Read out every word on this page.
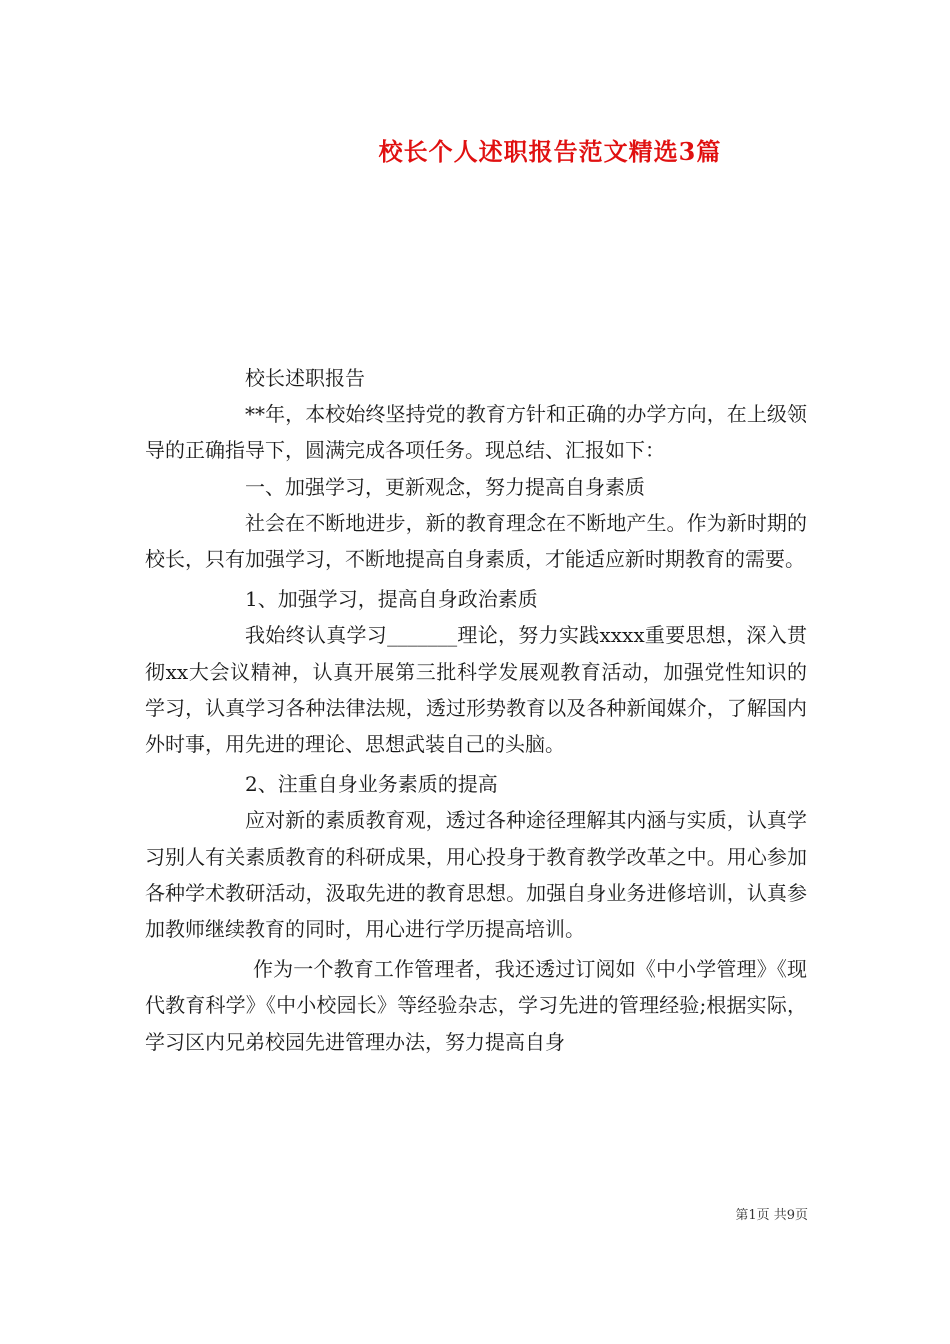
校长个人述职报告范文精选3篇

校长述职报告

**年，本校始终坚持党的教育方针和正确的办学方向，在上级领导的正确指导下，圆满完成各项任务。现总结、汇报如下：

一、加强学习，更新观念，努力提高自身素质

社会在不断地进步，新的教育理念在不断地产生。作为新时期的校长，只有加强学习，不断地提高自身素质，才能适应新时期教育的需要。

1、加强学习，提高自身政治素质

我始终认真学习_______理论，努力实践xxxx重要思想，深入贯彻xx大会议精神，认真开展第三批科学发展观教育活动，加强党性知识的学习，认真学习各种法律法规，透过形势教育以及各种新闻媒介，了解国内外时事，用先进的理论、思想武装自己的头脑。

2、注重自身业务素质的提高

应对新的素质教育观，透过各种途径理解其内涵与实质，认真学习别人有关素质教育的科研成果，用心投身于教育教学改革之中。用心参加各种学术教研活动，汲取先进的教育思想。加强自身业务进修培训，认真参加教师继续教育的同时，用心进行学历提高培训。

作为一个教育工作管理者，我还透过订阅如《中小学管理》《现代教育科学》《中小校园长》等经验杂志，学习先进的管理经验;根据实际，学习区内兄弟校园先进管理办法，努力提高自身

第1页 共9页
